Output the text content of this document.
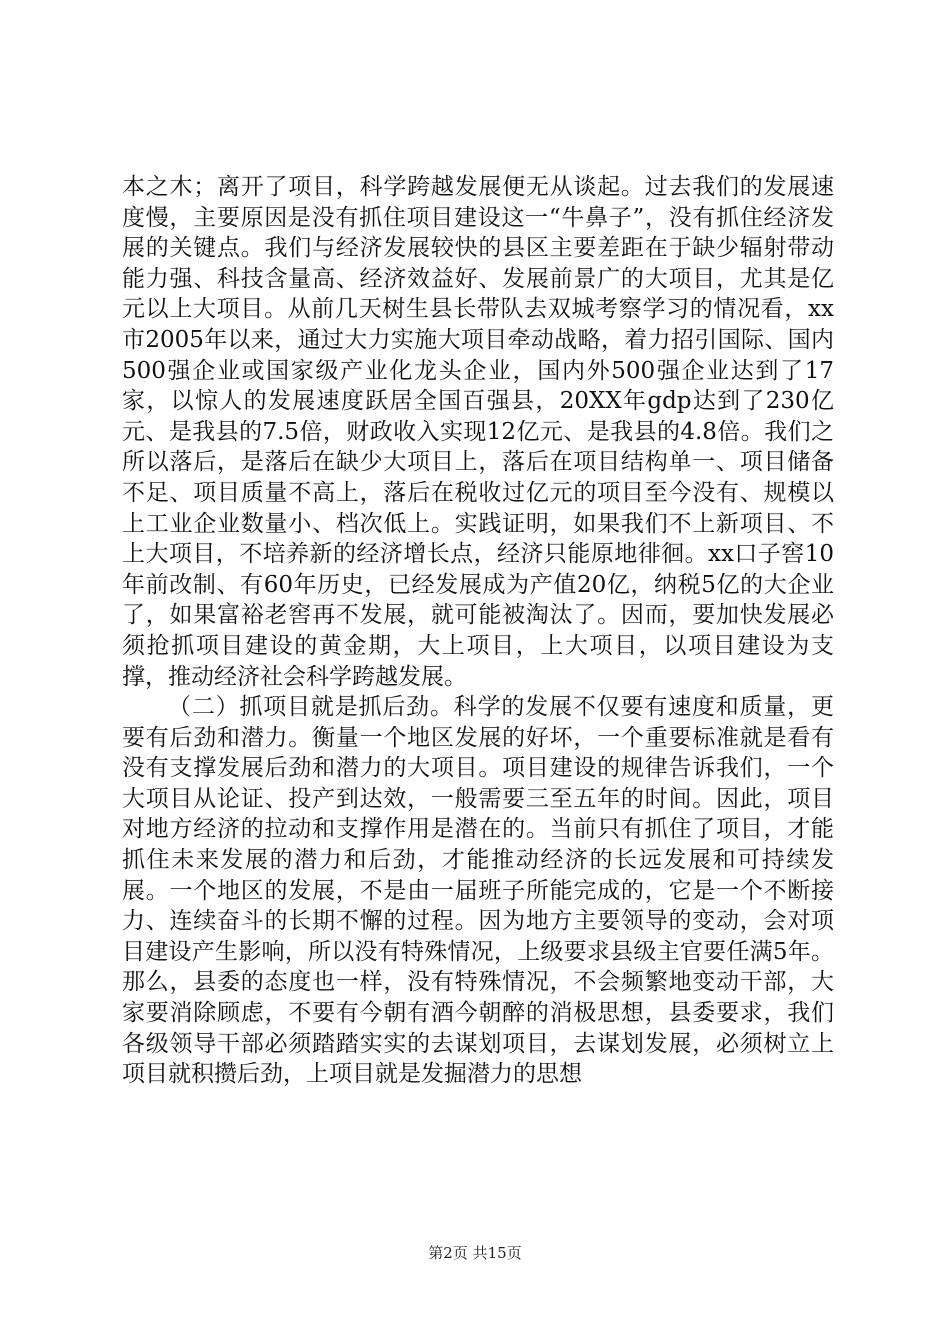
本之木；离开了项目，科学跨越发展便无从谈起。过去我们的发展速度慢，主要原因是没有抓住项目建设这一“牛鼻子”，没有抓住经济发展的关键点。我们与经济发展较快的县区主要差距在于缺少辐射带动能力强、科技含量高、经济效益好、发展前景广的大项目，尤其是亿元以上大项目。从前几天树生县长带队去双城考察学习的情况看，xx市2005年以来，通过大力实施大项目牵动战略，着力招引国际、国内500强企业或国家级产业化龙头企业，国内外500强企业达到了17家，以惊人的发展速度跃居全国百强县，20XX年gdp达到了230亿元、是我县的7.5倍，财政收入实现12亿元、是我县的4.8倍。我们之所以落后，是落后在缺少大项目上，落后在项目结构单一、项目储备不足、项目质量不高上，落后在税收过亿元的项目至今没有、规模以上工业企业数量小、档次低上。实践证明，如果我们不上新项目、不上大项目，不培养新的经济增长点，经济只能原地徘徊。xx口子窖10年前改制、有60年历史，已经发展成为产值20亿，纳税5亿的大企业了，如果富裕老窖再不发展，就可能被淘汰了。因而，要加快发展必须抢抓项目建设的黄金期，大上项目，上大项目，以项目建设为支撑，推动经济社会科学跨越发展。

（二）抓项目就是抓后劲。科学的发展不仅要有速度和质量，更要有后劲和潜力。衡量一个地区发展的好坏，一个重要标准就是看有没有支撑发展后劲和潜力的大项目。项目建设的规律告诉我们，一个大项目从论证、投产到达效，一般需要三至五年的时间。因此，项目对地方经济的拉动和支撑作用是潜在的。当前只有抓住了项目，才能抓住未来发展的潜力和后劲，才能推动经济的长远发展和可持续发展。一个地区的发展，不是由一届班子所能完成的，它是一个不断接力、连续奋斗的长期不懈的过程。因为地方主要领导的变动，会对项目建设产生影响，所以没有特殊情况，上级要求县级主官要任满5年。那么，县委的态度也一样，没有特殊情况，不会频繁地变动干部，大家要消除顾虑，不要有今朝有酒今朝醉的消极思想，县委要求，我们各级领导干部必须踏踏实实的去谋划项目，去谋划发展，必须树立上项目就积攒后劲，上项目就是发掘潜力的思想

第2页 共15页
